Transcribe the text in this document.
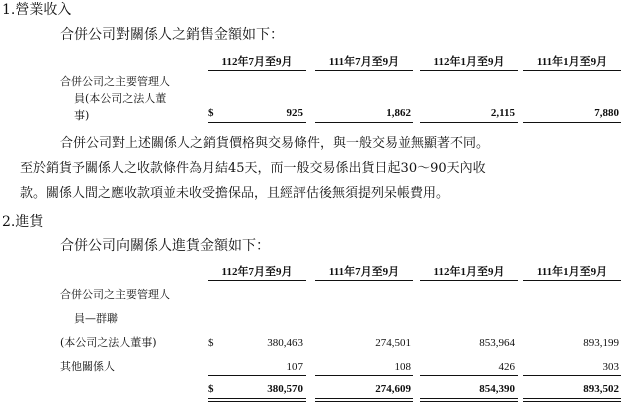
1.營業收入
合併公司對關係人之銷售金額如下：
112年7月至9月	111年7月至9月	112年1月至9月	111年1月至9月
合併公司之主要管理人
員(本公司之法人董
事)	$	925	1,862	2,115	7,880
合併公司對上述關係人之銷貨價格與交易條件，與一般交易並無顯著不同。
至於銷貨予關係人之收款條件為月結45天，而一般交易係出貨日起30～90天內收
款。關係人間之應收款項並未收受擔保品，且經評估後無須提列呆帳費用。
2.進貨
合併公司向關係人進貨金額如下：
112年7月至9月	111年7月至9月	112年1月至9月	111年1月至9月
合併公司之主要管理人
員—群聯
(本公司之法人董事)	$	380,463	274,501	853,964	893,199
其他關係人	107	108	426	303
$	380,570	274,609	854,390	893,502
